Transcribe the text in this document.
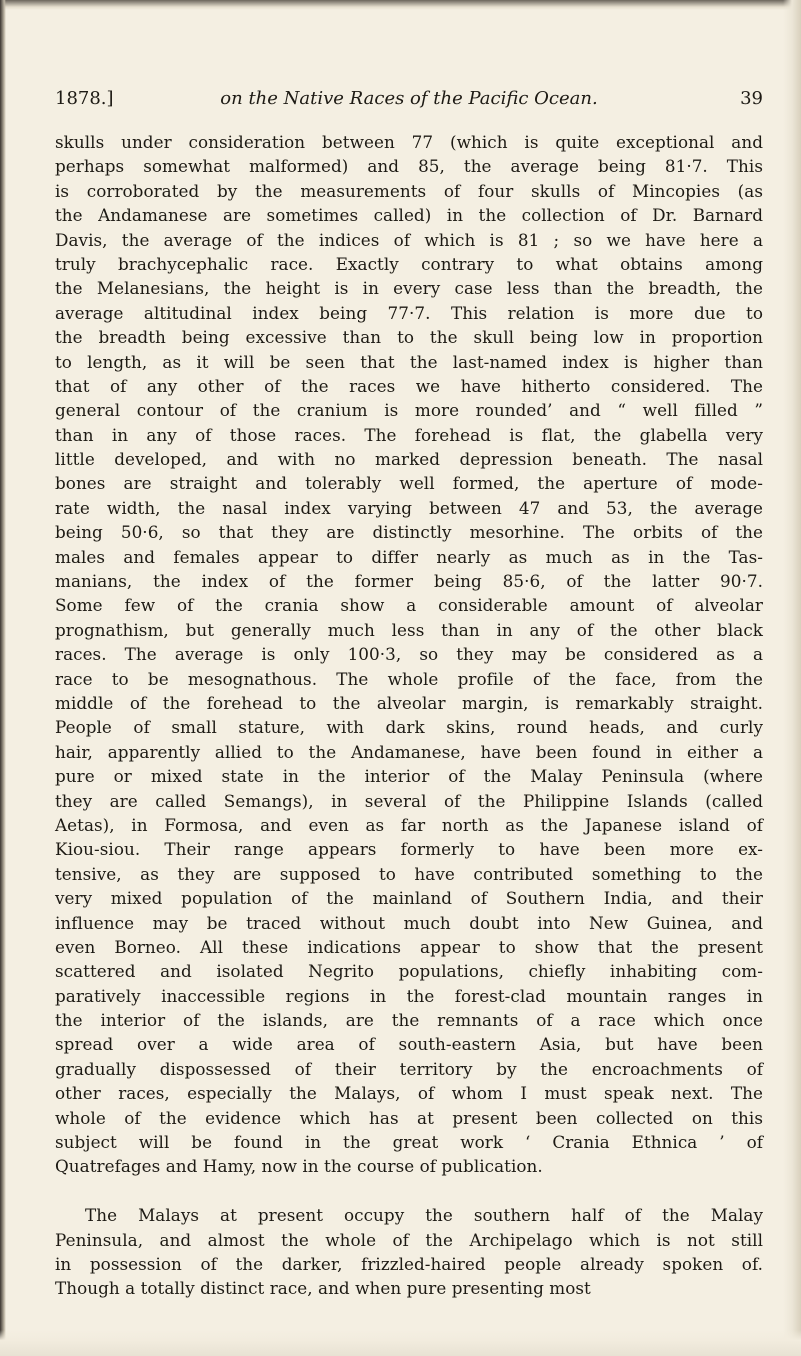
1878.]	on the Native Races of the Pacific Ocean.	39
skulls under consideration between 77 (which is quite exceptional and
perhaps somewhat malformed) and 85, the average being 81·7. This
is corroborated by the measurements of four skulls of Mincopies (as
the Andamanese are sometimes called) in the collection of Dr. Barnard
Davis, the average of the indices of which is 81 ; so we have here a
truly brachycephalic race. Exactly contrary to what obtains among
the Melanesians, the height is in every case less than the breadth, the
average altitudinal index being 77·7. This relation is more due to
the breadth being excessive than to the skull being low in proportion
to length, as it will be seen that the last-named index is higher than
that of any other of the races we have hitherto considered. The
general contour of the cranium is more rounded’ and “ well filled ”
than in any of those races. The forehead is flat, the glabella very
little developed, and with no marked depression beneath. The nasal
bones are straight and tolerably well formed, the aperture of mode-
rate width, the nasal index varying between 47 and 53, the average
being 50·6, so that they are distinctly mesorhine. The orbits of the
males and females appear to differ nearly as much as in the Tas-
manians, the index of the former being 85·6, of the latter 90·7.
Some few of the crania show a considerable amount of alveolar
prognathism, but generally much less than in any of the other black
races. The average is only 100·3, so they may be considered as a
race to be mesognathous. The whole profile of the face, from the
middle of the forehead to the alveolar margin, is remarkably straight.
People of small stature, with dark skins, round heads, and curly
hair, apparently allied to the Andamanese, have been found in either a
pure or mixed state in the interior of the Malay Peninsula (where
they are called Semangs), in several of the Philippine Islands (called
Aetas), in Formosa, and even as far north as the Japanese island of
Kiou-siou. Their range appears formerly to have been more ex-
tensive, as they are supposed to have contributed something to the
very mixed population of the mainland of Southern India, and their
influence may be traced without much doubt into New Guinea, and
even Borneo. All these indications appear to show that the present
scattered and isolated Negrito populations, chiefly inhabiting com-
paratively inaccessible regions in the forest-clad mountain ranges in
the interior of the islands, are the remnants of a race which once
spread over a wide area of south-eastern Asia, but have been
gradually dispossessed of their territory by the encroachments of
other races, especially the Malays, of whom I must speak next. The
whole of the evidence which has at present been collected on this
subject will be found in the great work ‘ Crania Ethnica ’ of
Quatrefages and Hamy, now in the course of publication.
The Malays at present occupy the southern half of the Malay
Peninsula, and almost the whole of the Archipelago which is not still
in possession of the darker, frizzled-haired people already spoken of.
Though a totally distinct race, and when pure presenting most
